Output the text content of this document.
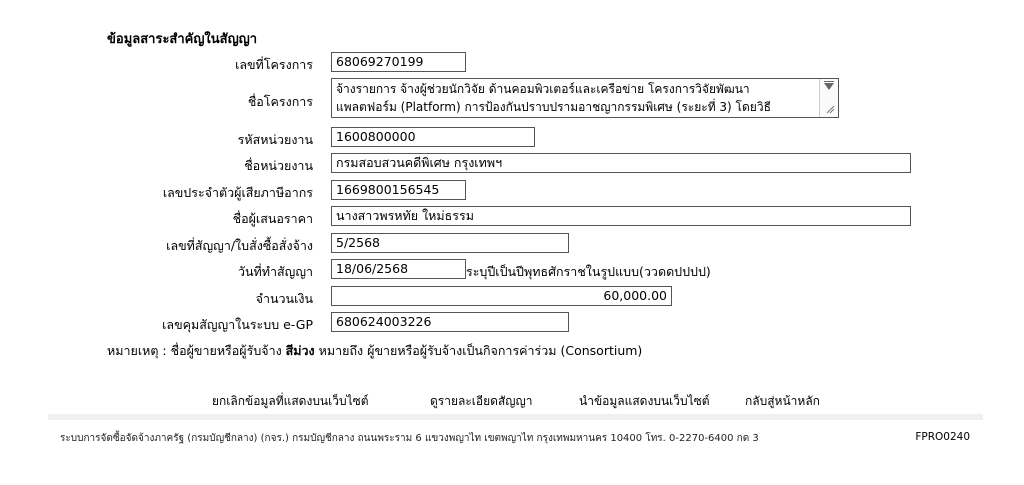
ข้อมูลสาระสำคัญในสัญญา
เลขที่โครงการ	68069270199
ชื่อโครงการ
จ้างรายการ จ้างผู้ช่วยนักวิจัย ด้านคอมพิวเตอร์และเครือข่าย โครงการวิจัยพัฒนา
แพลตฟอร์ม (Platform) การป้องกันปราบปรามอาชญากรรมพิเศษ (ระยะที่ 3) โดยวิธี
รหัสหน่วยงาน	1600800000
ชื่อหน่วยงาน	กรมสอบสวนคดีพิเศษ กรุงเทพฯ
เลขประจำตัวผู้เสียภาษีอากร	1669800156545
ชื่อผู้เสนอราคา	นางสาวพรหทัย ใหม่ธรรม
เลขที่สัญญา/ใบสั่งซื้อสั่งจ้าง	5/2568
วันที่ทำสัญญา	18/06/2568	ระบุปีเป็นปีพุทธศักราชในรูปแบบ(ววดดปปปป)
จำนวนเงิน	60,000.00
เลขคุมสัญญาในระบบ e-GP	680624003226
หมายเหตุ : ชื่อผู้ขายหรือผู้รับจ้าง สีม่วง หมายถึง ผู้ขายหรือผู้รับจ้างเป็นกิจการค่าร่วม (Consortium)
ยกเลิกข้อมูลที่แสดงบนเว็บไซต์	ดูรายละเอียดสัญญา	นำข้อมูลแสดงบนเว็บไซต์	กลับสู่หน้าหลัก
ระบบการจัดซื้อจัดจ้างภาครัฐ (กรมบัญชีกลาง) (กจร.) กรมบัญชีกลาง ถนนพระราม 6 แขวงพญาไท เขตพญาไท กรุงเทพมหานคร 10400 โทร. 0-2270-6400 กด 3	FPRO0240
